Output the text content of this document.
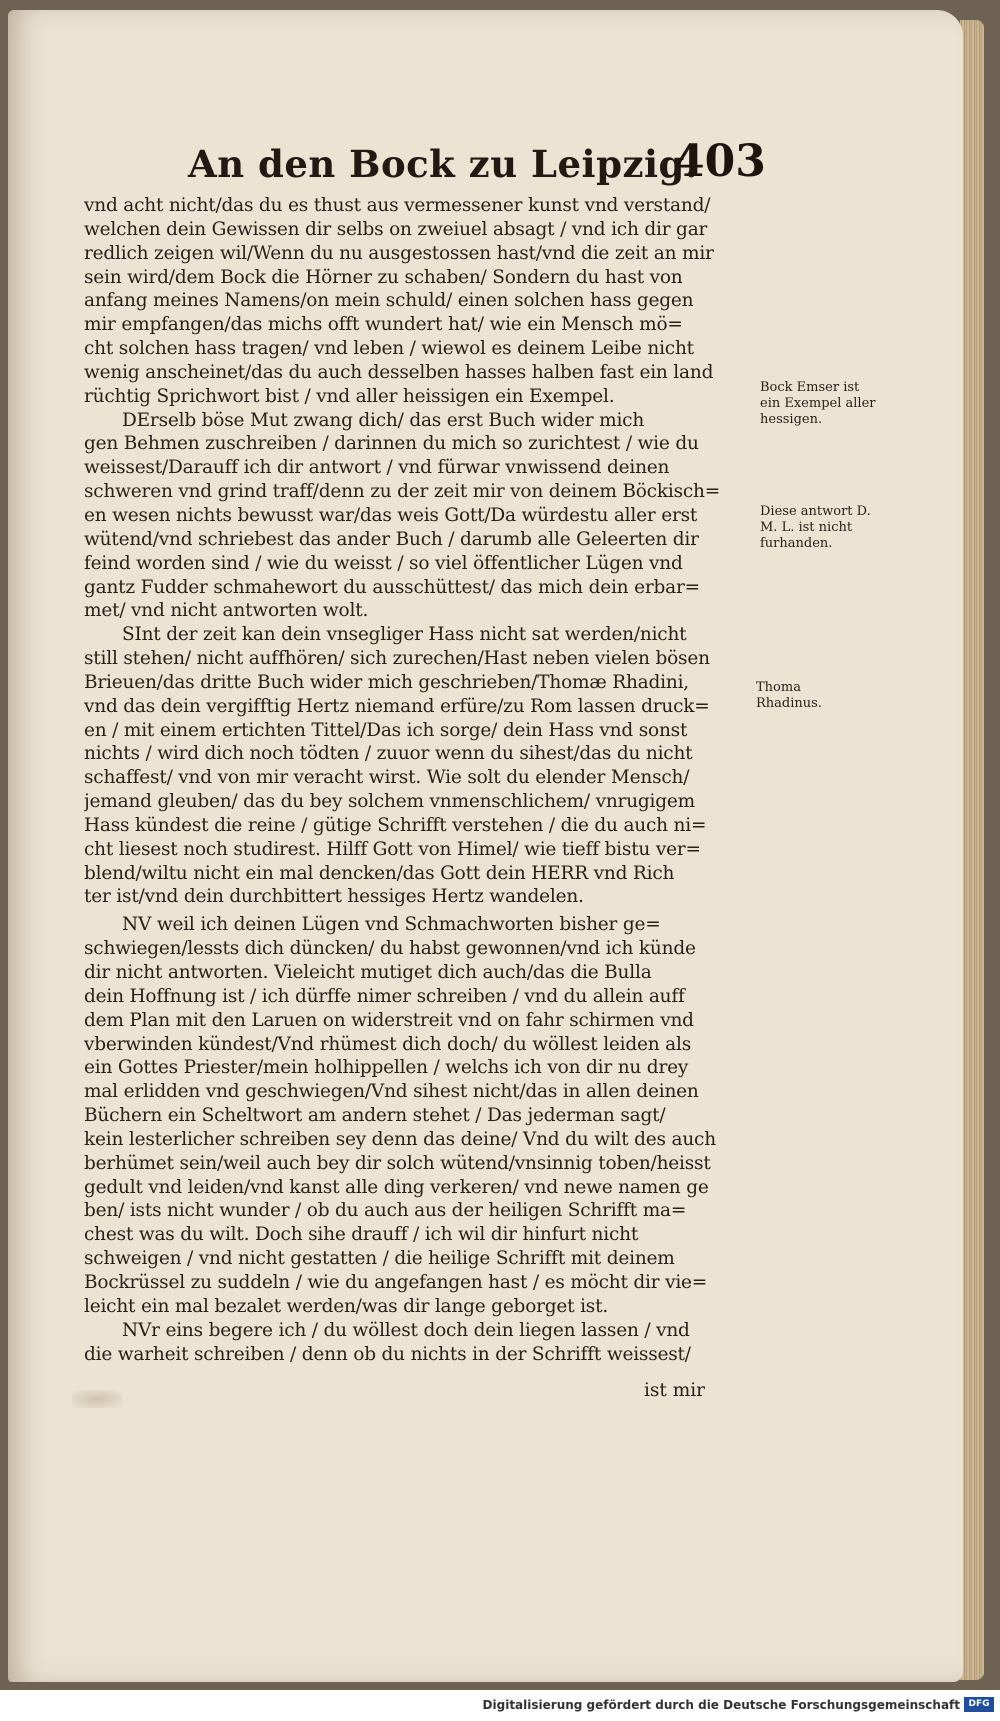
An den Bock zu Leipzig.
403
vnd acht nicht/das du es thust aus vermessener kunst vnd verstand/
welchen dein Gewissen dir selbs on zweiuel absagt / vnd ich dir gar
redlich zeigen wil/Wenn du nu ausgestossen hast/vnd die zeit an mir
sein wird/dem Bock die Hörner zu schaben/ Sondern du hast von
anfang meines Namens/on mein schuld/ einen solchen hass gegen
mir empfangen/das michs offt wundert hat/ wie ein Mensch mö=
cht solchen hass tragen/ vnd leben / wiewol es deinem Leibe nicht
wenig anscheinet/das du auch desselben hasses halben fast ein land
rüchtig Sprichwort bist / vnd aller heissigen ein Exempel.
DErselb böse Mut zwang dich/ das erst Buch wider mich
gen Behmen zuschreiben / darinnen du mich so zurichtest / wie du
weissest/Darauff ich dir antwort / vnd fürwar vnwissend deinen
schweren vnd grind traff/denn zu der zeit mir von deinem Böckisch=
en wesen nichts bewusst war/das weis Gott/Da würdestu aller erst
wütend/vnd schriebest das ander Buch / darumb alle Geleerten dir
feind worden sind / wie du weisst / so viel öffentlicher Lügen vnd
gantz Fudder schmahewort du ausschüttest/ das mich dein erbar=
met/ vnd nicht antworten wolt.
SInt der zeit kan dein vnsegliger Hass nicht sat werden/nicht
still stehen/ nicht auffhören/ sich zurechen/Hast neben vielen bösen
Brieuen/das dritte Buch wider mich geschrieben/Thomæ Rhadini,
vnd das dein vergifftig Hertz niemand erfüre/zu Rom lassen druck=
en / mit einem ertichten Tittel/Das ich sorge/ dein Hass vnd sonst
nichts / wird dich noch tödten / zuuor wenn du sihest/das du nicht
schaffest/ vnd von mir veracht wirst. Wie solt du elender Mensch/
jemand gleuben/ das du bey solchem vnmenschlichem/ vnrugigem
Hass kündest die reine / gütige Schrifft verstehen / die du auch ni=
cht liesest noch studirest. Hilff Gott von Himel/ wie tieff bistu ver=
blend/wiltu nicht ein mal dencken/das Gott dein HERR vnd Rich
ter ist/vnd dein durchbittert hessiges Hertz wandelen.
NV weil ich deinen Lügen vnd Schmachworten bisher ge=
schwiegen/lessts dich düncken/ du habst gewonnen/vnd ich künde
dir nicht antworten. Vieleicht mutiget dich auch/das die Bulla
dein Hoffnung ist / ich dürffe nimer schreiben / vnd du allein auff
dem Plan mit den Laruen on widerstreit vnd on fahr schirmen vnd
vberwinden kündest/Vnd rhümest dich doch/ du wöllest leiden als
ein Gottes Priester/mein holhippellen / welchs ich von dir nu drey
mal erlidden vnd geschwiegen/Vnd sihest nicht/das in allen deinen
Büchern ein Scheltwort am andern stehet / Das jederman sagt/
kein lesterlicher schreiben sey denn das deine/ Vnd du wilt des auch
berhümet sein/weil auch bey dir solch wütend/vnsinnig toben/heisst
gedult vnd leiden/vnd kanst alle ding verkeren/ vnd newe namen ge
ben/ ists nicht wunder / ob du auch aus der heiligen Schrifft ma=
chest was du wilt. Doch sihe drauff / ich wil dir hinfurt nicht
schweigen / vnd nicht gestatten / die heilige Schrifft mit deinem
Bockrüssel zu suddeln / wie du angefangen hast / es möcht dir vie=
leicht ein mal bezalet werden/was dir lange geborget ist.
NVr eins begere ich / du wöllest doch dein liegen lassen / vnd
die warheit schreiben / denn ob du nichts in der Schrifft weissest/
ist mir
Bock Emser ist
ein Exempel aller
hessigen.
Diese antwort D.
M. L. ist nicht
furhanden.
Thoma
Rhadinus.
Digitalisierung gefördert durch die Deutsche Forschungsgemeinschaft DFG
